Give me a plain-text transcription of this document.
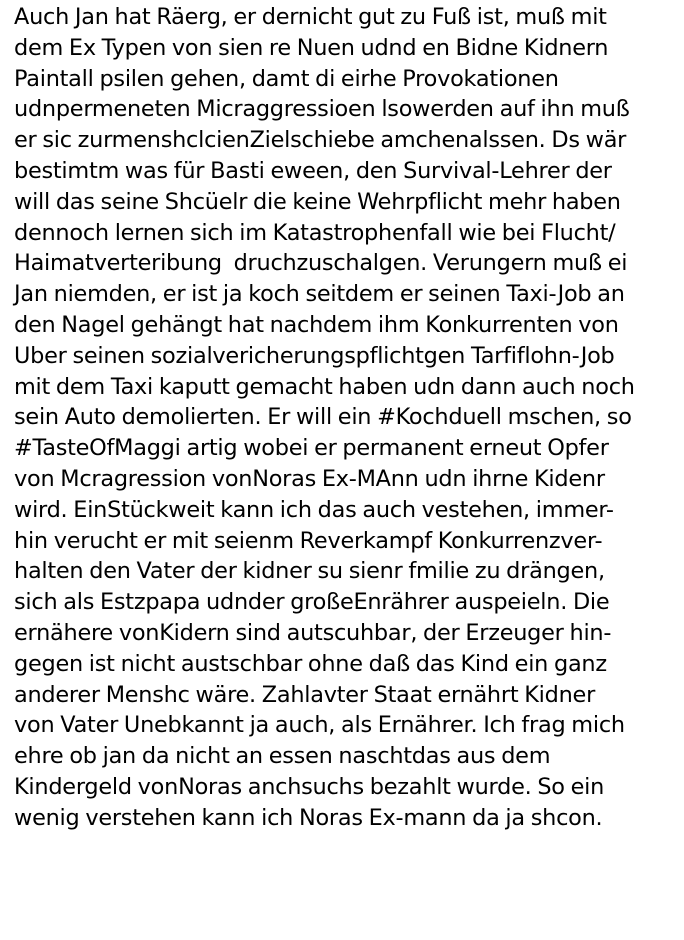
Auch Jan hat Räerg, er dernicht gut zu Fuß ist, muß mit
dem Ex Typen von sien re Nuen udnd en Bidne Kidnern
Paintall psilen gehen, damt di eirhe Provokationen
udnpermeneten Micraggressioen lsowerden auf ihn muß
er sic zurmenshclcienZielschiebe amchenalssen. Ds wär
bestimtm was für Basti eween, den Survival-Lehrer der
will das seine Shcüelr die keine Wehrpflicht mehr haben
dennoch lernen sich im Katastrophenfall wie bei Flucht/
Haimatverteribung  druchzuschalgen. Verungern muß ei
Jan niemden, er ist ja koch seitdem er seinen Taxi-Job an
den Nagel gehängt hat nachdem ihm Konkurrenten von
Uber seinen sozialvericherungspflichtgen Tarfiflohn-Job
mit dem Taxi kaputt gemacht haben udn dann auch noch
sein Auto demolierten. Er will ein #Kochduell mschen, so
#TasteOfMaggi artig wobei er permanent erneut Opfer
von Mcragression vonNoras Ex-MAnn udn ihrne Kidenr
wird. EinStückweit kann ich das auch vestehen, immer-
hin verucht er mit seienm Reverkampf Konkurrenzver-
halten den Vater der kidner su sienr fmilie zu drängen,
sich als Estzpapa udnder großeEnrährer auspeieln. Die
ernähere vonKidern sind autscuhbar, der Erzeuger hin-
gegen ist nicht austschbar ohne daß das Kind ein ganz
anderer Menshc wäre. Zahlavter Staat ernährt Kidner
von Vater Unebkannt ja auch, als Ernährer. Ich frag mich
ehre ob jan da nicht an essen naschtdas aus dem
Kindergeld vonNoras anchsuchs bezahlt wurde. So ein
wenig verstehen kann ich Noras Ex-mann da ja shcon.
